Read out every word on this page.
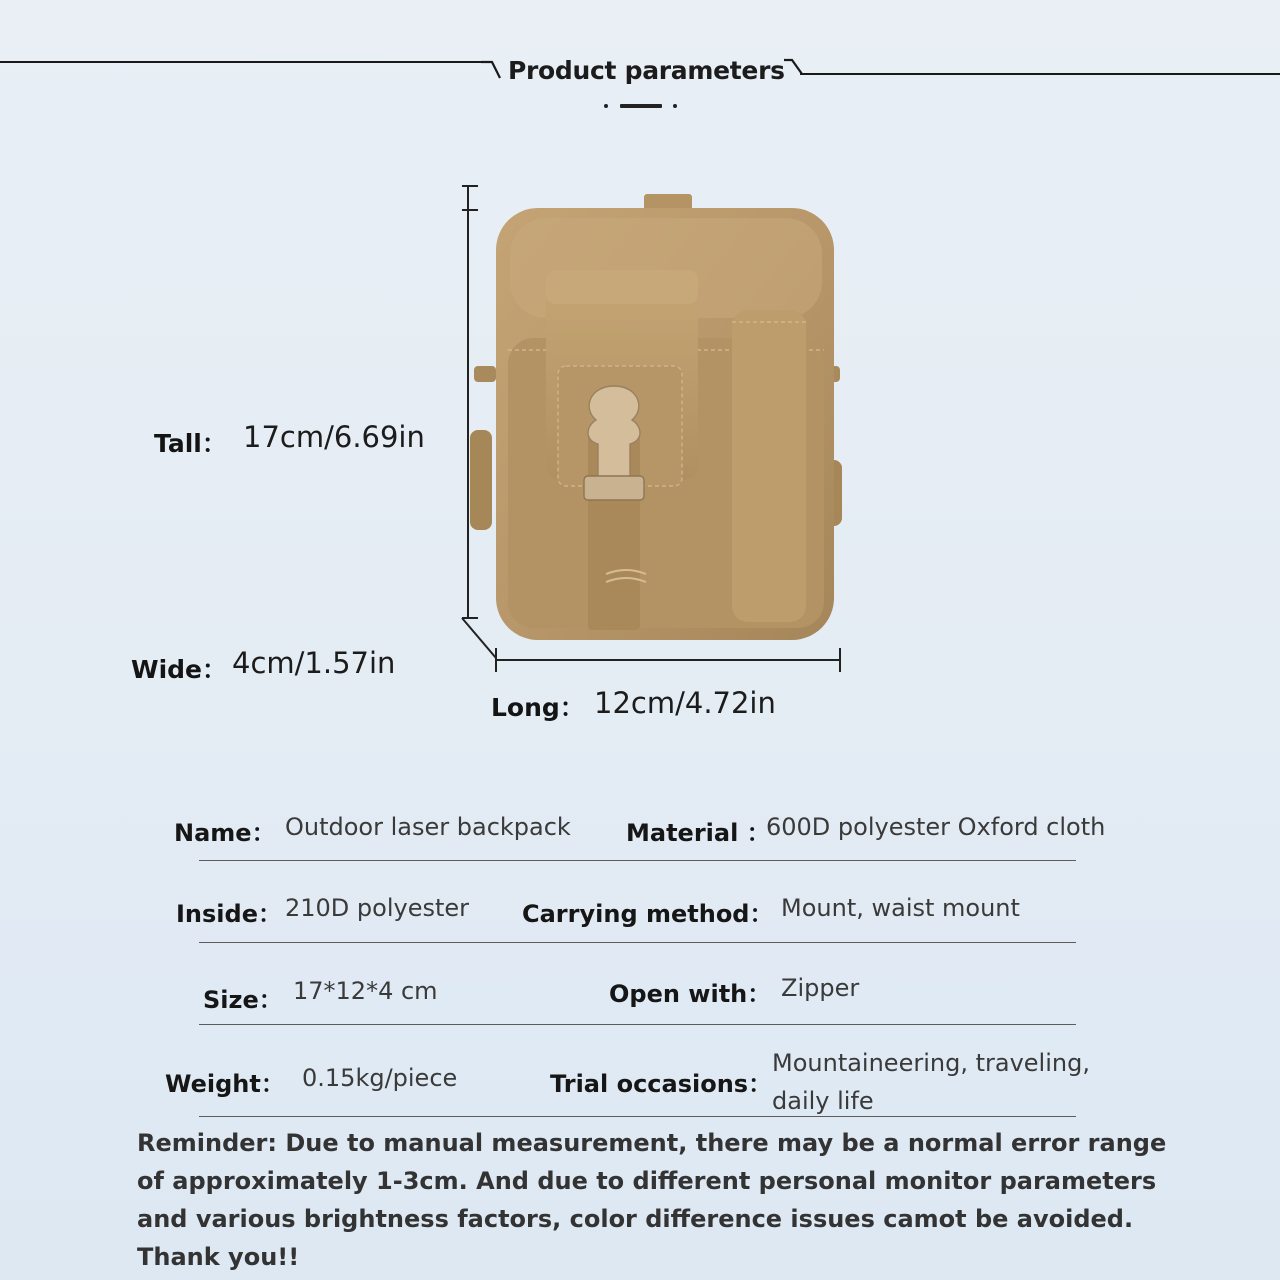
Product parameters
Tall： 17cm/6.69in
Wide： 4cm/1.57in
Long： 12cm/4.72in
Name： Outdoor laser backpack Material ：
600D polyester Oxford cloth
Inside： 210D polyester Carrying method： Mount, waist mount
Size： 17*12*4 cm	Open with： Zipper
Weight： 0.15kg/piece	Trial occasions：
Mountaineering, traveling, daily life
Reminder: Due to manual measurement, there may be a normal error range of approximately 1-3cm. And due to different personal monitor parameters and various brightness factors, color difference issues camot be avoided. Thank you!!
